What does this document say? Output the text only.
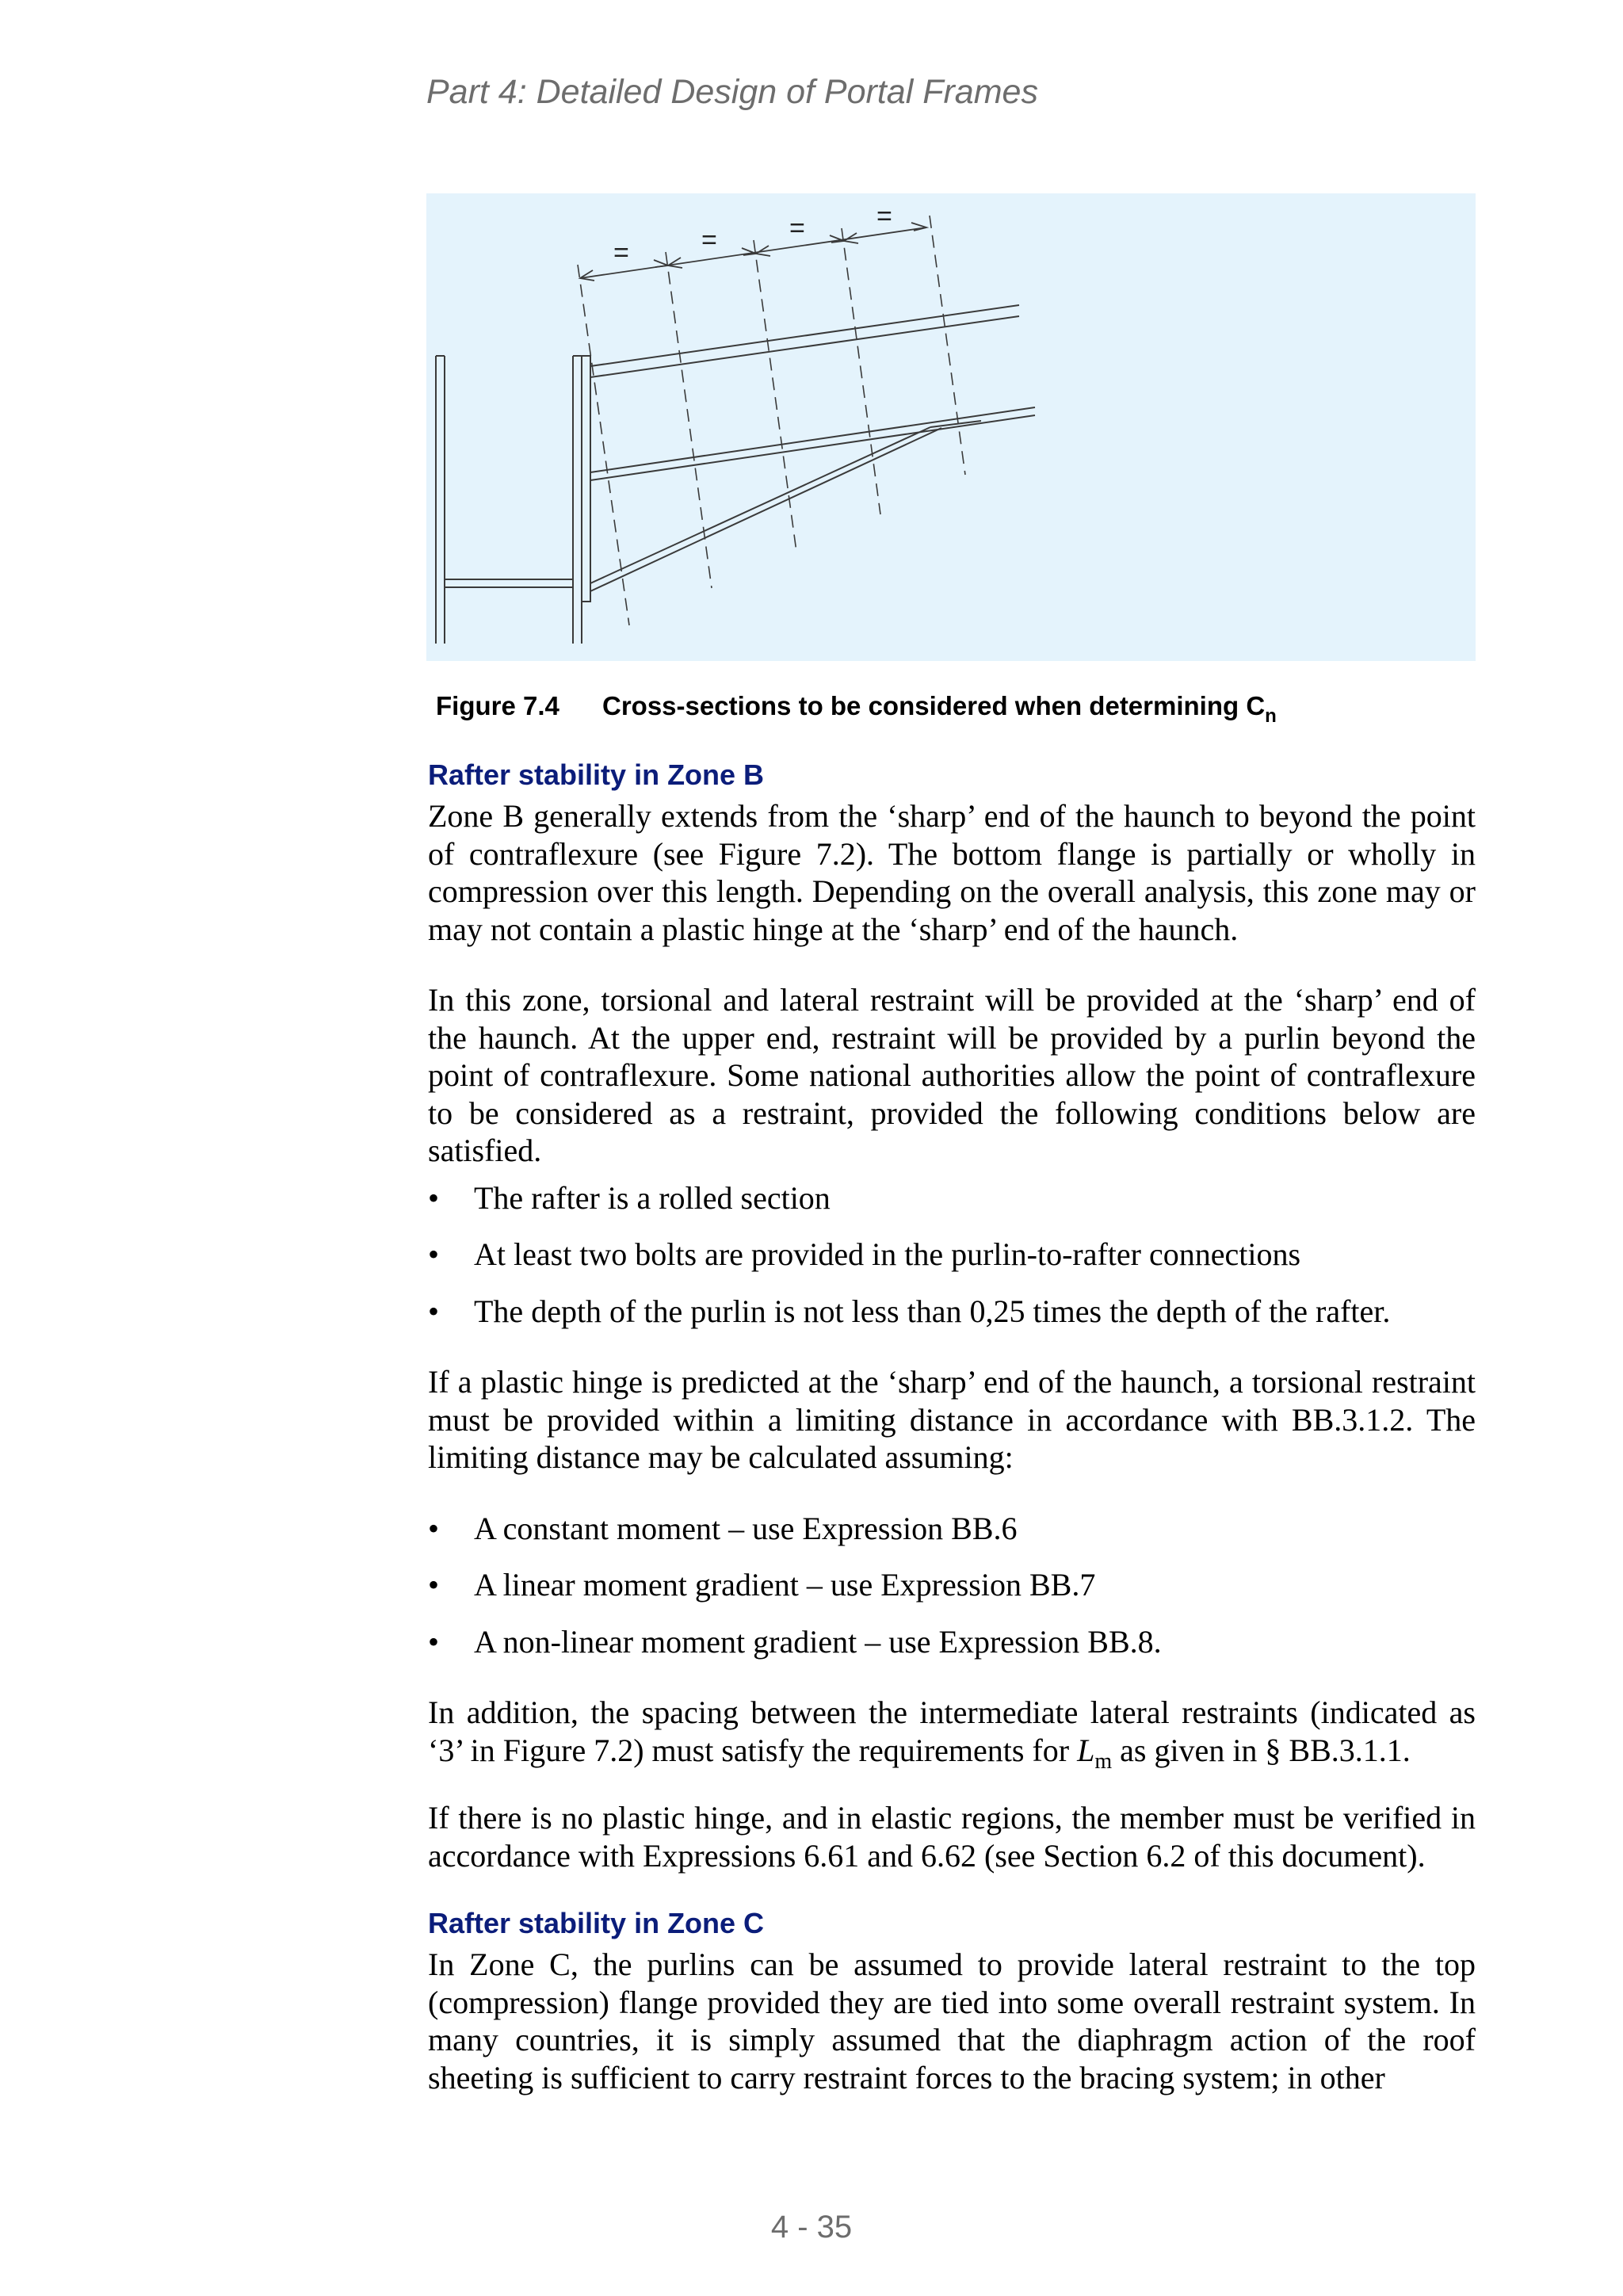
Part 4: Detailed Design of Portal Frames
=	=	=	=
Figure 7.4 Cross-sections to be considered when determining $C_n$
Rafter stability in Zone B

Zone B generally extends from the ‘sharp’ end of the haunch to beyond the point of contraflexure (see Figure 7.2). The bottom flange is partially or wholly in compression over this length. Depending on the overall analysis, this zone may or may not contain a plastic hinge at the ‘sharp’ end of the haunch.

In this zone, torsional and lateral restraint will be provided at the ‘sharp’ end of the haunch. At the upper end, restraint will be provided by a purlin beyond the point of contraflexure. Some national authorities allow the point of contraflexure to be considered as a restraint, provided the following conditions below are satisfied.

• The rafter is a rolled section
• At least two bolts are provided in the purlin-to-rafter connections
• The depth of the purlin is not less than 0,25 times the depth of the rafter.

If a plastic hinge is predicted at the ‘sharp’ end of the haunch, a torsional restraint must be provided within a limiting distance in accordance with BB.3.1.2. The limiting distance may be calculated assuming:

• A constant moment – use Expression BB.6
• A linear moment gradient – use Expression BB.7
• A non-linear moment gradient – use Expression BB.8.

In addition, the spacing between the intermediate lateral restraints (indicated as ‘3’ in Figure 7.2) must satisfy the requirements for $L_m$ as given in § BB.3.1.1.

If there is no plastic hinge, and in elastic regions, the member must be verified in accordance with Expressions 6.61 and 6.62 (see Section 6.2 of this document).

Rafter stability in Zone C

In Zone C, the purlins can be assumed to provide lateral restraint to the top (compression) flange provided they are tied into some overall restraint system. In many countries, it is simply assumed that the diaphragm action of the roof sheeting is sufficient to carry restraint forces to the bracing system; in other

4 - 35
